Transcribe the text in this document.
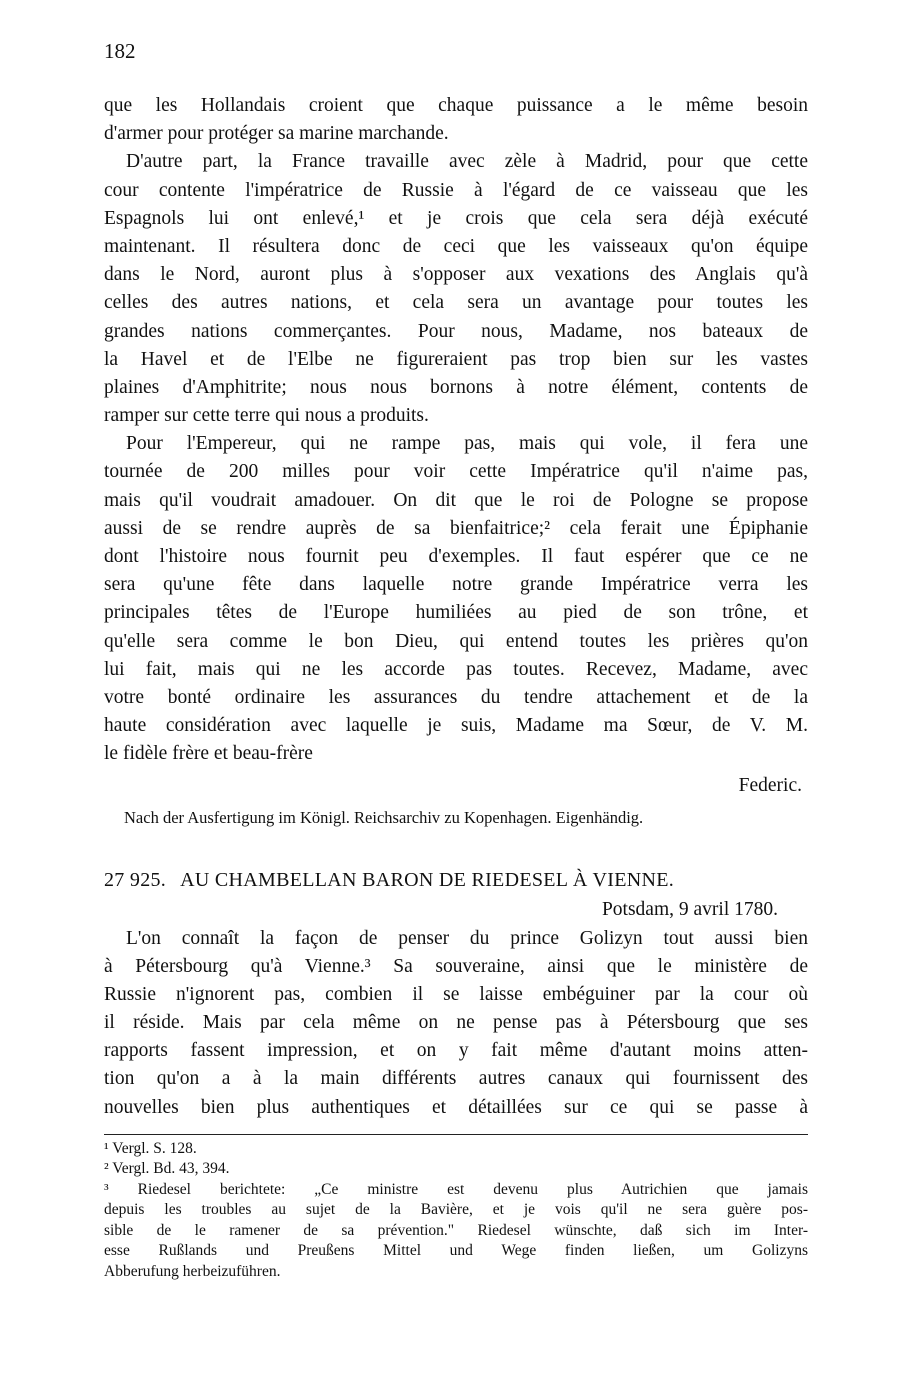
182
que les Hollandais croient que chaque puissance a le même besoin
d'armer pour protéger sa marine marchande.
D'autre part, la France travaille avec zèle à Madrid, pour que cette
cour contente l'impératrice de Russie à l'égard de ce vaisseau que les
Espagnols lui ont enlevé,¹ et je crois que cela sera déjà exécuté
maintenant. Il résultera donc de ceci que les vaisseaux qu'on équipe
dans le Nord, auront plus à s'opposer aux vexations des Anglais qu'à
celles des autres nations, et cela sera un avantage pour toutes les
grandes nations commerçantes. Pour nous, Madame, nos bateaux de
la Havel et de l'Elbe ne figureraient pas trop bien sur les vastes
plaines d'Amphitrite; nous nous bornons à notre élément, contents de
ramper sur cette terre qui nous a produits.
Pour l'Empereur, qui ne rampe pas, mais qui vole, il fera une
tournée de 200 milles pour voir cette Impératrice qu'il n'aime pas,
mais qu'il voudrait amadouer. On dit que le roi de Pologne se propose
aussi de se rendre auprès de sa bienfaitrice;² cela ferait une Épiphanie
dont l'histoire nous fournit peu d'exemples. Il faut espérer que ce ne
sera qu'une fête dans laquelle notre grande Impératrice verra les
principales têtes de l'Europe humiliées au pied de son trône, et
qu'elle sera comme le bon Dieu, qui entend toutes les prières qu'on
lui fait, mais qui ne les accorde pas toutes. Recevez, Madame, avec
votre bonté ordinaire les assurances du tendre attachement et de la
haute considération avec laquelle je suis, Madame ma Sœur, de V. M.
le fidèle frère et beau-frère
Federic.
Nach der Ausfertigung im Königl. Reichsarchiv zu Kopenhagen. Eigenhändig.
27 925. AU CHAMBELLAN BARON DE RIEDESEL À VIENNE.
Potsdam, 9 avril 1780.
L'on connaît la façon de penser du prince Golizyn tout aussi bien
à Pétersbourg qu'à Vienne.³ Sa souveraine, ainsi que le ministère de
Russie n'ignorent pas, combien il se laisse embéguiner par la cour où
il réside. Mais par cela même on ne pense pas à Pétersbourg que ses
rapports fassent impression, et on y fait même d'autant moins atten-
tion qu'on a à la main différents autres canaux qui fournissent des
nouvelles bien plus authentiques et détaillées sur ce qui se passe à
¹ Vergl. S. 128.
² Vergl. Bd. 43, 394.
³ Riedesel berichtete: „Ce ministre est devenu plus Autrichien que jamais
depuis les troubles au sujet de la Bavière, et je vois qu'il ne sera guère pos-
sible de le ramener de sa prévention." Riedesel wünschte, daß sich im Inter-
esse Rußlands und Preußens Mittel und Wege finden ließen, um Golizyns
Abberufung herbeizuführen.
